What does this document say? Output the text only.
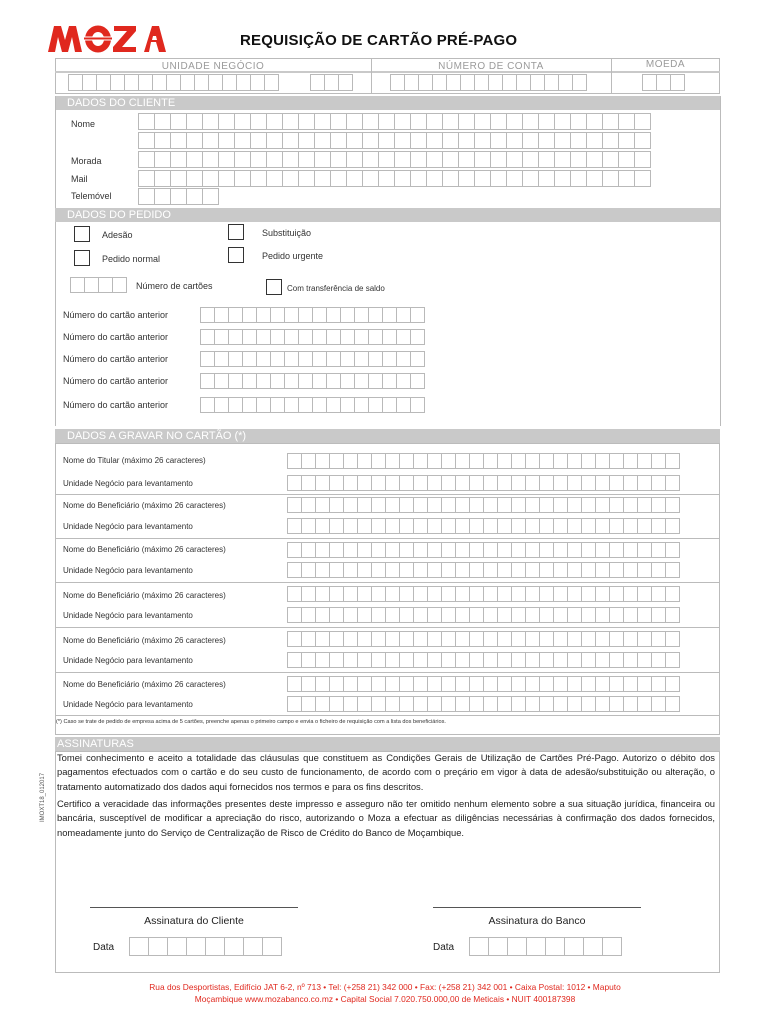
REQUISIÇÃO DE CARTÃO PRÉ-PAGO
UNIDADE NEGÓCIO	NÚMERO DE CONTA	MOEDA
DADOS DO CLIENTE
Nome
Morada
Mail
Telemóvel
DADOS DO PEDIDO
Adesão	Substituição
Pedido normal	Pedido urgente
Número de cartões	Com transferência de saldo
Número do cartão anterior
Número do cartão anterior
Número do cartão anterior
Número do cartão anterior
Número do cartão anterior
DADOS A GRAVAR NO CARTÃO (*)
Nome do Titular (máximo 26 caracteres)
Unidade Negócio para levantamento
Nome do Beneficiário (máximo 26 caracteres)
Unidade Negócio para levantamento
Nome do Beneficiário (máximo 26 caracteres)
Unidade Negócio para levantamento
Nome do Beneficiário (máximo 26 caracteres)
Unidade Negócio para levantamento
Nome do Beneficiário (máximo 26 caracteres)
Unidade Negócio para levantamento
Nome do Beneficiário (máximo 26 caracteres)
Unidade Negócio para levantamento
(*) Caso se trate de pedido de empresa acima de 5 cartões, preenche apenas o primeiro campo e envia o ficheiro de requisição com a lista dos beneficiários.
ASSINATURAS
Tomei conhecimento e aceito a totalidade das cláusulas que constituem as Condições Gerais de Utilização de Cartões Pré-Pago. Autorizo o débito dos pagamentos efectuados com o cartão e do seu custo de funcionamento, de acordo com o preçário em vigor à data de adesão/substituição ou alteração, o tratamento automatizado dos dados aqui fornecidos nos termos e para os fins descritos.
Certifico a veracidade das informações presentes deste impresso e asseguro não ter omitido nenhum elemento sobre a sua situação jurídica, financeira ou bancária, susceptível de modificar a apreciação do risco, autorizando o Moza a efectuar as diligências necessárias à confirmação dos dados fornecidos, nomeadamente junto do Serviço de Centralização de Risco de Crédito do Banco de Moçambique.
IMOXT18_012017
Assinatura do Cliente	Assinatura do Banco
Data	Data
Rua dos Desportistas, Edifício JAT 6-2, nº 713 • Tel: (+258 21) 342 000 • Fax: (+258 21) 342 001 • Caixa Postal: 1012 • Maputo
Moçambique www.mozabanco.co.mz • Capital Social 7.020.750.000,00 de Meticais • NUIT 400187398
